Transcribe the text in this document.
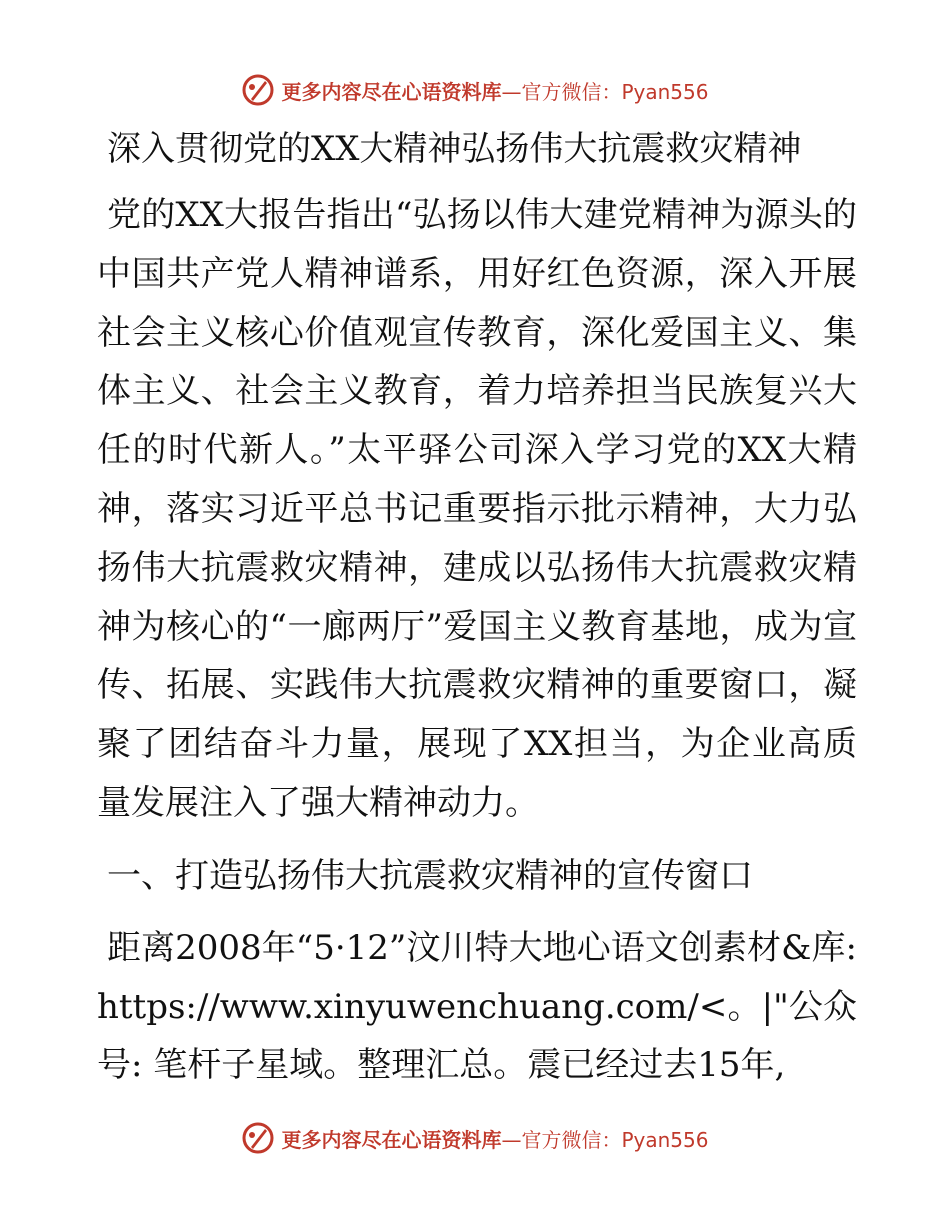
更多内容尽在心语资料库 —官方微信：Pyan556
深入贯彻党的XX大精神弘扬伟大抗震救灾精神

党的XX大报告指出“弘扬以伟大建党精神为源头的中国共产党人精神谱系，用好红色资源，深入开展社会主义核心价值观宣传教育，深化爱国主义、集体主义、社会主义教育，着力培养担当民族复兴大任的时代新人。”太平驿公司深入学习党的XX大精神，落实习近平总书记重要指示批示精神，大力弘扬伟大抗震救灾精神，建成以弘扬伟大抗震救灾精神为核心的“一廊两厅”爱国主义教育基地，成为宣传、拓展、实践伟大抗震救灾精神的重要窗口，凝聚了团结奋斗力量，展现了XX担当，为企业高质量发展注入了强大精神动力。

一、打造弘扬伟大抗震救灾精神的宣传窗口

距离2008年“5·12”汶川特大地心语文创素材&库: https://www.xinyuwenchuang.com/<。|"公众号: 笔杆子星域。整理汇总。震已经过去15年,

更多内容尽在心语资料库 —官方微信：Pyan556
